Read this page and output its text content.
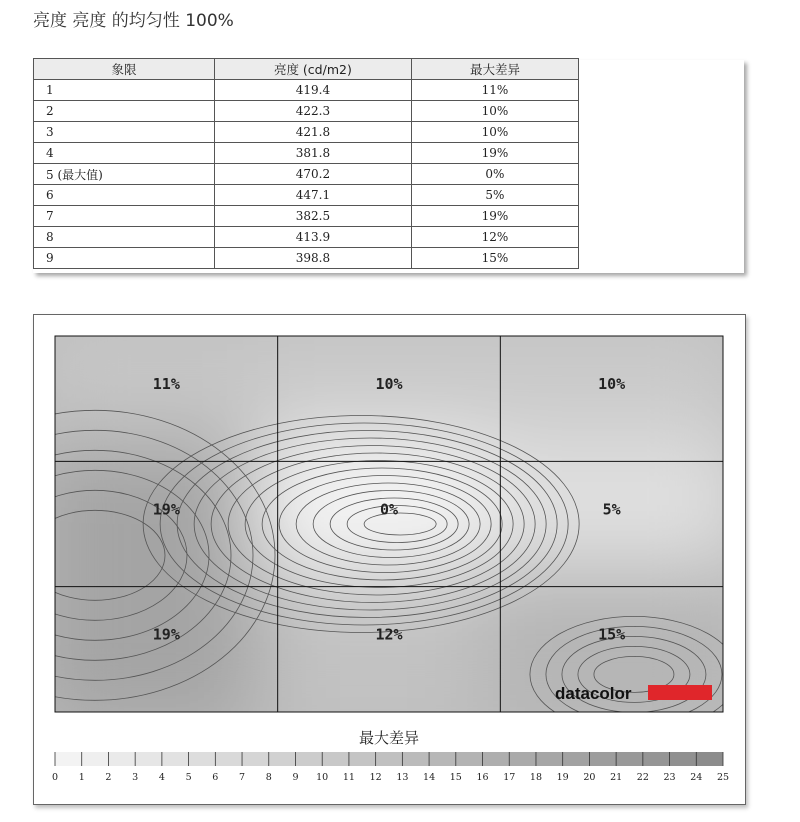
亮度 亮度 的均匀性 100%
象限	亮度 (cd/m2)	最大差异
1	419.4	11%
2	422.3	10%
3	421.8	10%
4	381.8	19%
5 (最大值)	470.2	0%
6	447.1	5%
7	382.5	19%
8	413.9	12%
9	398.8	15%
11%	10%	10%
19%	0%	5%
19%	12%	15%
datacolor
最大差异
0 1 2 3 4 5 6 7 8 9 10 11 12 13 14 15 16 17 18 19 20 21 22 23 24 25
